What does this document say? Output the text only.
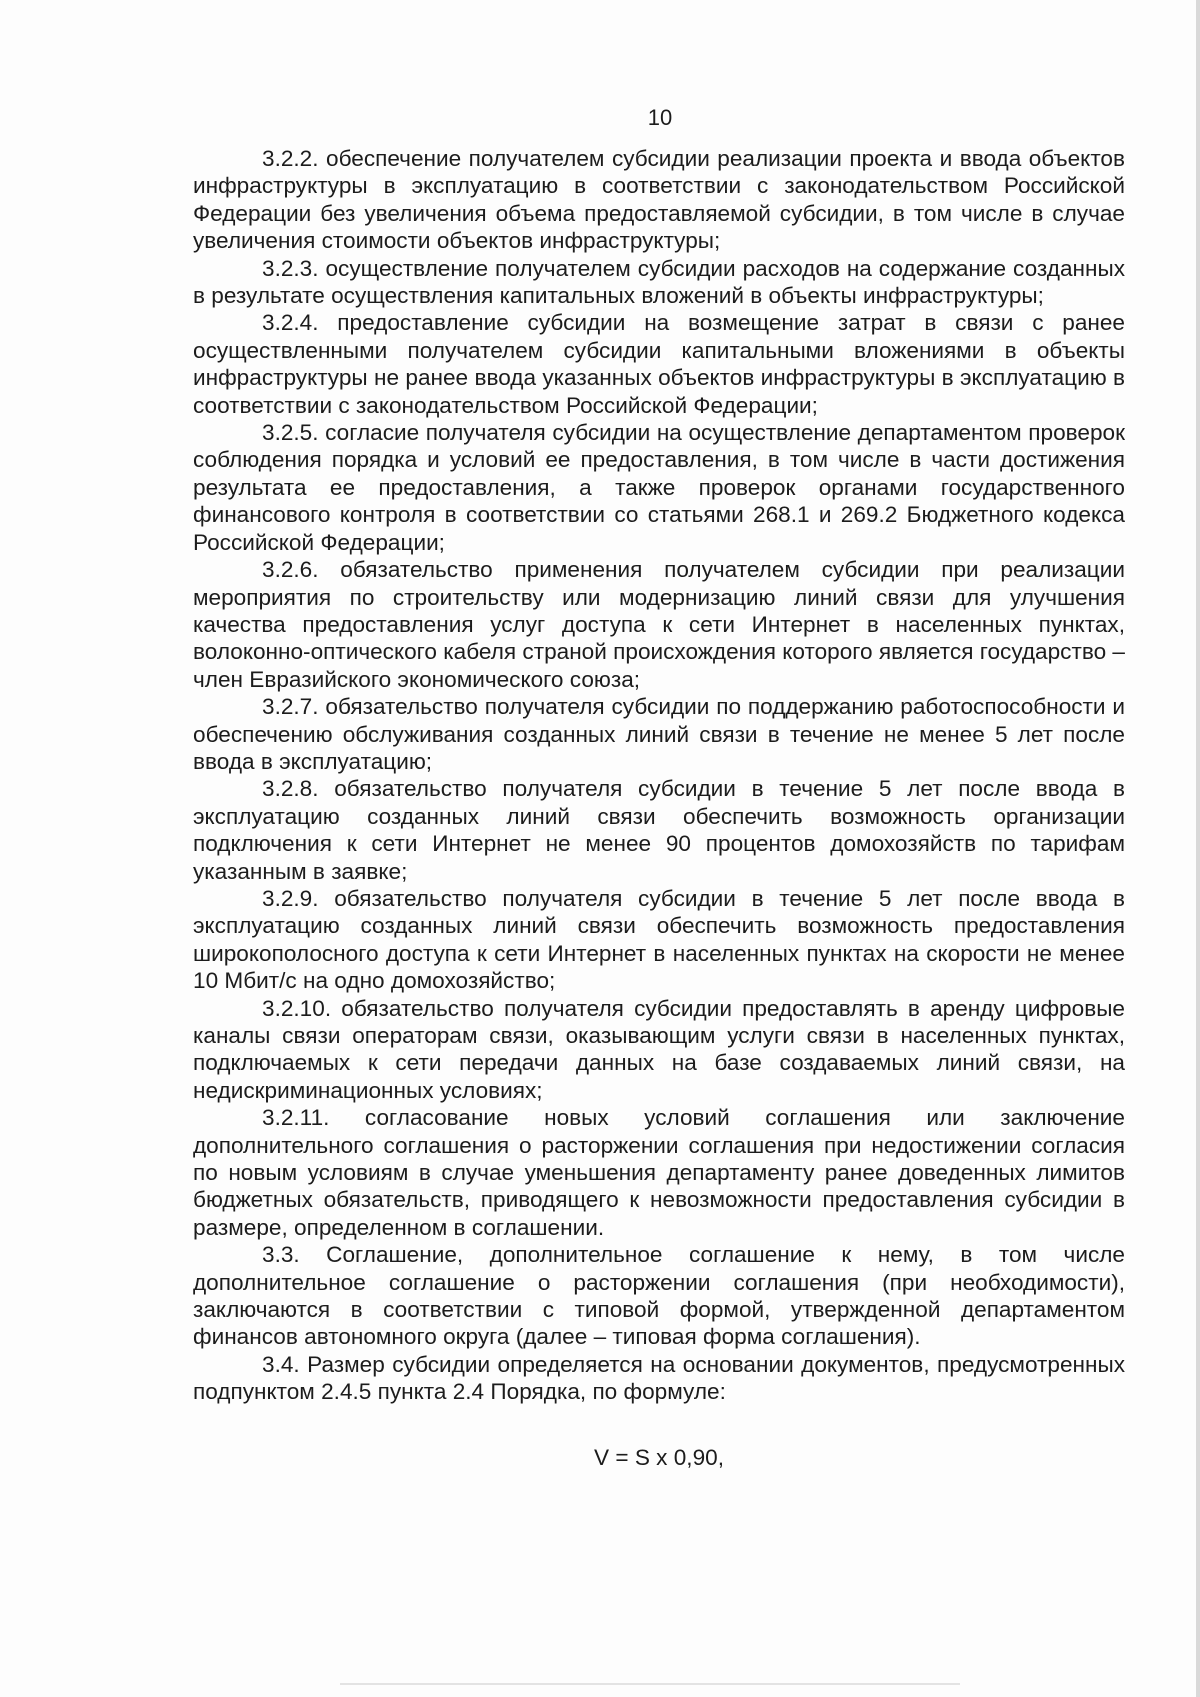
10

3.2.2. обеспечение получателем субсидии реализации проекта и ввода объектов инфраструктуры в эксплуатацию в соответствии с законодательством Российской Федерации без увеличения объема предоставляемой субсидии, в том числе в случае увеличения стоимости объектов инфраструктуры;

3.2.3. осуществление получателем субсидии расходов на содержание созданных в результате осуществления капитальных вложений в объекты инфраструктуры;

3.2.4. предоставление субсидии на возмещение затрат в связи с ранее осуществленными получателем субсидии капитальными вложениями в объекты инфраструктуры не ранее ввода указанных объектов инфраструктуры в эксплуатацию в соответствии с законодательством Российской Федерации;

3.2.5. согласие получателя субсидии на осуществление департаментом проверок соблюдения порядка и условий ее предоставления, в том числе в части достижения результата ее предоставления, а также проверок органами государственного финансового контроля в соответствии со статьями 268.1 и 269.2 Бюджетного кодекса Российской Федерации;

3.2.6. обязательство применения получателем субсидии при реализации мероприятия по строительству или модернизацию линий связи для улучшения качества предоставления услуг доступа к сети Интернет в населенных пунктах, волоконно-оптического кабеля страной происхождения которого является государство – член Евразийского экономического союза;

3.2.7. обязательство получателя субсидии по поддержанию работоспособности и обеспечению обслуживания созданных линий связи в течение не менее 5 лет после ввода в эксплуатацию;

3.2.8. обязательство получателя субсидии в течение 5 лет после ввода в эксплуатацию созданных линий связи обеспечить возможность организации подключения к сети Интернет не менее 90 процентов домохозяйств по тарифам указанным в заявке;

3.2.9. обязательство получателя субсидии в течение 5 лет после ввода в эксплуатацию созданных линий связи обеспечить возможность предоставления широкополосного доступа к сети Интернет в населенных пунктах на скорости не менее 10 Мбит/с на одно домохозяйство;

3.2.10. обязательство получателя субсидии предоставлять в аренду цифровые каналы связи операторам связи, оказывающим услуги связи в населенных пунктах, подключаемых к сети передачи данных на базе создаваемых линий связи, на недискриминационных условиях;

3.2.11. согласование новых условий соглашения или заключение дополнительного соглашения о расторжении соглашения при недостижении согласия по новым условиям в случае уменьшения департаменту ранее доведенных лимитов бюджетных обязательств, приводящего к невозможности предоставления субсидии в размере, определенном в соглашении.

3.3. Соглашение, дополнительное соглашение к нему, в том числе дополнительное соглашение о расторжении соглашения (при необходимости), заключаются в соответствии с типовой формой, утвержденной департаментом финансов автономного округа (далее – типовая форма соглашения).

3.4. Размер субсидии определяется на основании документов, предусмотренных подпунктом 2.4.5 пункта 2.4 Порядка, по формуле:

V = S x 0,90,
